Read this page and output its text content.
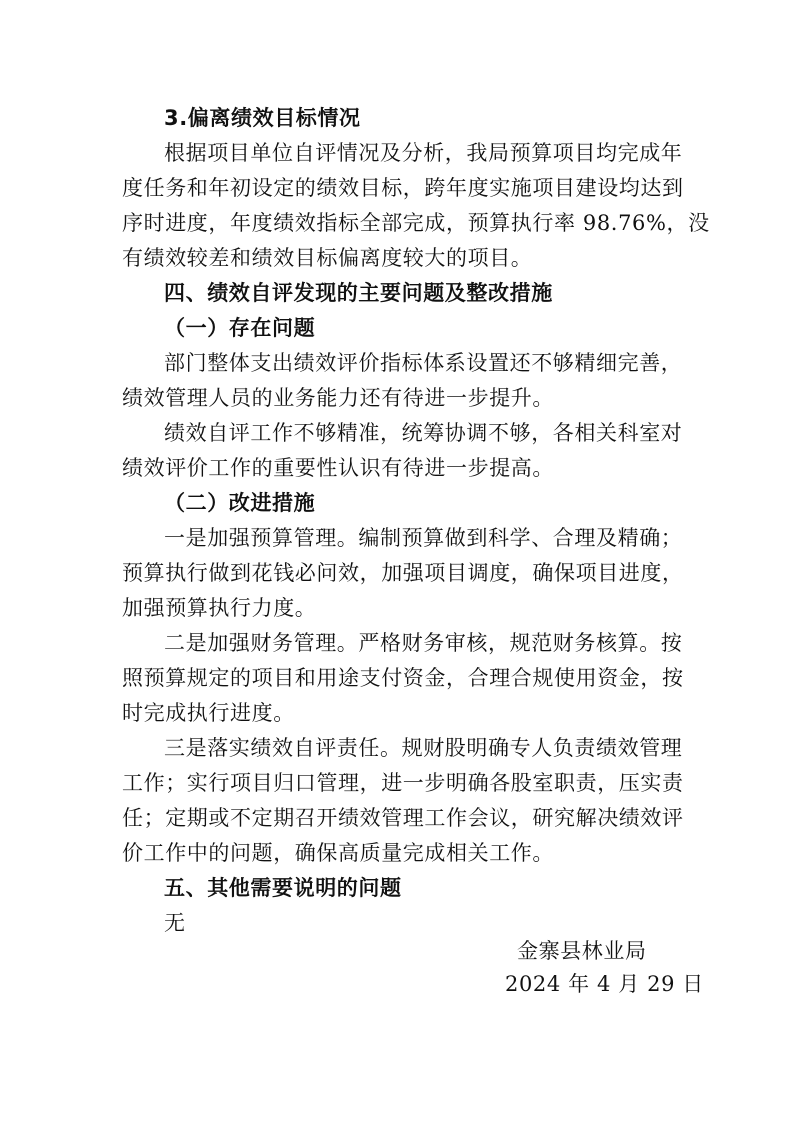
3.偏离绩效目标情况
根据项目单位自评情况及分析，我局预算项目均完成年
度任务和年初设定的绩效目标，跨年度实施项目建设均达到
序时进度，年度绩效指标全部完成，预算执行率 98.76%，没
有绩效较差和绩效目标偏离度较大的项目。
四、绩效自评发现的主要问题及整改措施
（一）存在问题
部门整体支出绩效评价指标体系设置还不够精细完善，
绩效管理人员的业务能力还有待进一步提升。
绩效自评工作不够精准，统筹协调不够，各相关科室对
绩效评价工作的重要性认识有待进一步提高。
（二）改进措施
一是加强预算管理。编制预算做到科学、合理及精确；
预算执行做到花钱必问效，加强项目调度，确保项目进度，
加强预算执行力度。
二是加强财务管理。严格财务审核，规范财务核算。按
照预算规定的项目和用途支付资金，合理合规使用资金，按
时完成执行进度。
三是落实绩效自评责任。规财股明确专人负责绩效管理
工作；实行项目归口管理，进一步明确各股室职责，压实责
任；定期或不定期召开绩效管理工作会议，研究解决绩效评
价工作中的问题，确保高质量完成相关工作。
五、其他需要说明的问题
无
金寨县林业局
2024 年 4 月 29 日
